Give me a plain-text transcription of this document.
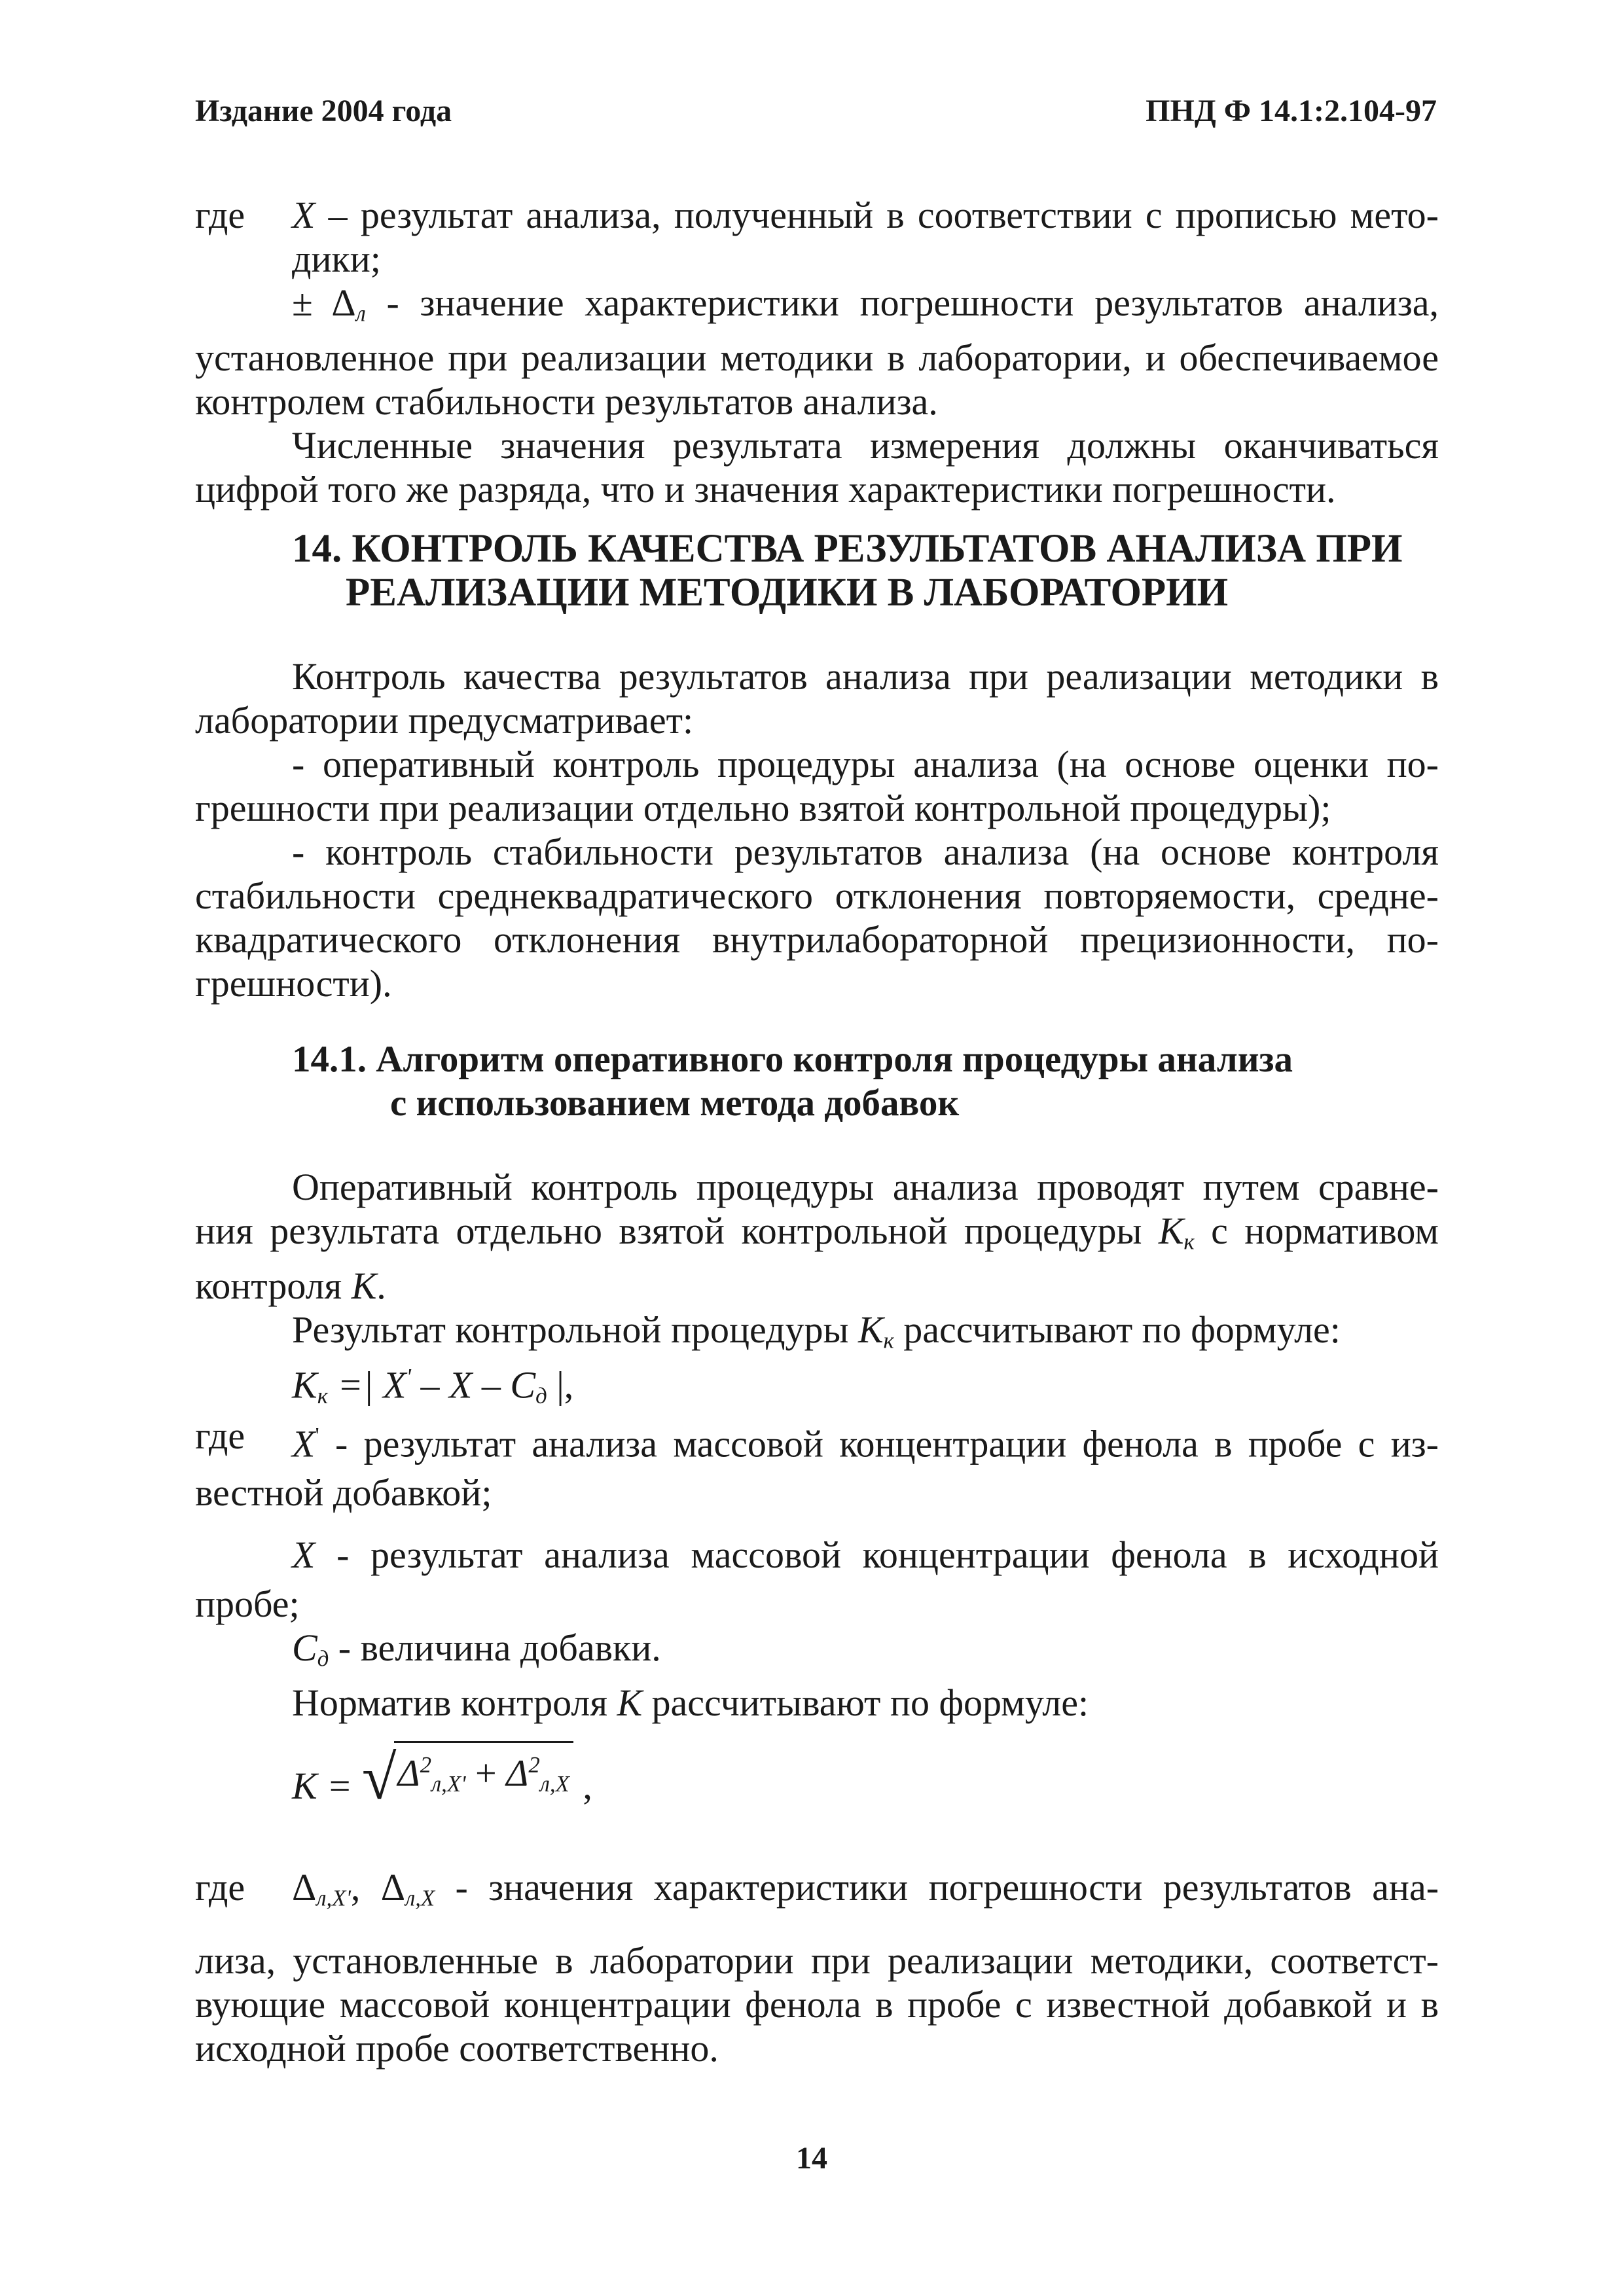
Издание 2004 года	ПНД Ф 14.1:2.104-97
где	X – результат анализа, полученный в соответствии с прописью мето-
дики;
± $\Delta_л$ - значение характеристики погрешности результатов анализа,
установленное при реализации методики в лаборатории, и обеспечиваемое
контролем стабильности результатов анализа.
Численные значения результата измерения должны оканчиваться
цифрой того же разряда, что и значения характеристики погрешности.
14. КОНТРОЛЬ КАЧЕСТВА РЕЗУЛЬТАТОВ АНАЛИЗА ПРИ
РЕАЛИЗАЦИИ МЕТОДИКИ В ЛАБОРАТОРИИ
Контроль качества результатов анализа при реализации методики в
лаборатории предусматривает:
- оперативный контроль процедуры анализа (на основе оценки по-
грешности при реализации отдельно взятой контрольной процедуры);
- контроль стабильности результатов анализа (на основе контроля
стабильности среднеквадратического отклонения повторяемости, средне-
квадратического отклонения внутрилабораторной прецизионности, по-
грешности).
14.1. Алгоритм оперативного контроля процедуры анализа
с использованием метода добавок
Оперативный контроль процедуры анализа проводят путем сравне-
ния результата отдельно взятой контрольной процедуры $К_к$ с нормативом
контроля К.
Результат контрольной процедуры $К_к$ рассчитывают по формуле:
$K_к$ =| X' – X – $C_д$ |,
где	X' - результат анализа массовой концентрации фенола в пробе с из-
вестной добавкой;
X - результат анализа массовой концентрации фенола в исходной
пробе;
$C_д$ - величина добавки.
Норматив контроля К рассчитывают по формуле:
K = √ $\Delta^2_{л,X'} + \Delta^2_{л,X}$ ,
где	$\Delta_{л,X'}$, $\Delta_{л,X}$ - значения характеристики погрешности результатов ана-
лиза, установленные в лаборатории при реализации методики, соответст-
вующие массовой концентрации фенола в пробе с известной добавкой и в
исходной пробе соответственно.
14
